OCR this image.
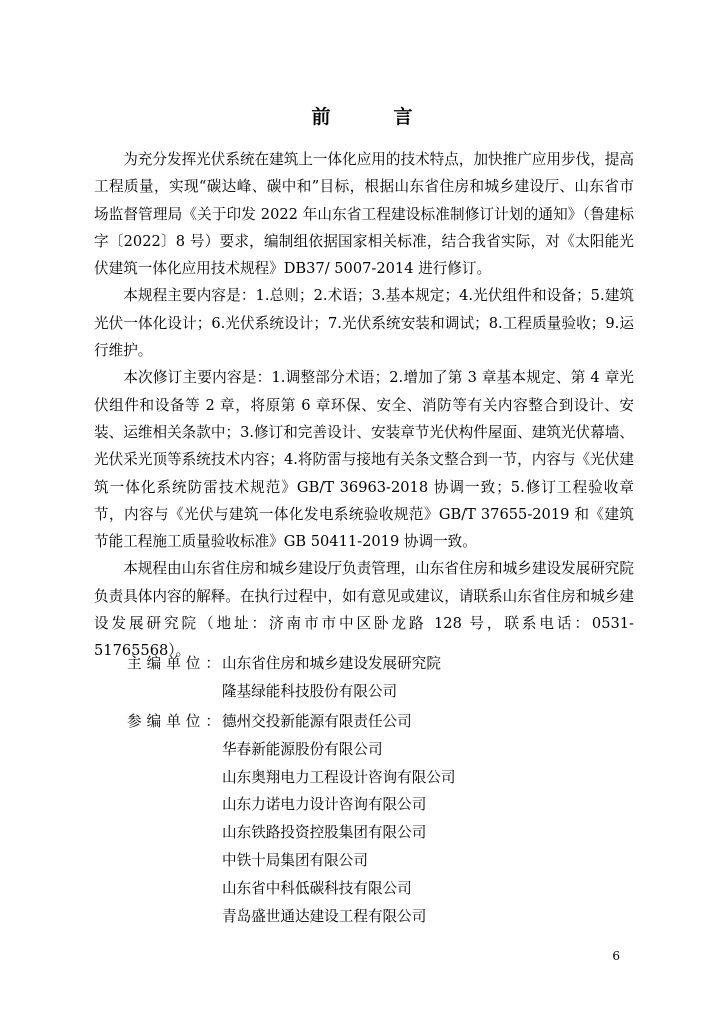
前　言

为充分发挥光伏系统在建筑上一体化应用的技术特点，加快推广应用步伐，提高工程质量，实现“碳达峰、碳中和”目标，根据山东省住房和城乡建设厅、山东省市场监督管理局《关于印发 2022 年山东省工程建设标准制修订计划的通知》（鲁建标字〔2022〕8 号）要求，编制组依据国家相关标准，结合我省实际，对《太阳能光伏建筑一体化应用技术规程》DB37/ 5007-2014 进行修订。

本规程主要内容是：1.总则；2.术语；3.基本规定；4.光伏组件和设备；5.建筑光伏一体化设计；6.光伏系统设计；7.光伏系统安装和调试；8.工程质量验收；9.运行维护。

本次修订主要内容是：1.调整部分术语；2.增加了第 3 章基本规定、第 4 章光伏组件和设备等 2 章，将原第 6 章环保、安全、消防等有关内容整合到设计、安装、运维相关条款中；3.修订和完善设计、安装章节光伏构件屋面、建筑光伏幕墙、光伏采光顶等系统技术内容；4.将防雷与接地有关条文整合到一节，内容与《光伏建筑一体化系统防雷技术规范》GB/T 36963-2018 协调一致；5.修订工程验收章节，内容与《光伏与建筑一体化发电系统验收规范》GB/T 37655-2019 和《建筑节能工程施工质量验收标准》GB 50411-2019 协调一致。

本规程由山东省住房和城乡建设厅负责管理，山东省住房和城乡建设发展研究院负责具体内容的解释。在执行过程中，如有意见或建议，请联系山东省住房和城乡建设发展研究院（地址：济南市市中区卧龙路 128 号，联系电话：0531-51765568）。

主编单位：
山东省住房和城乡建设发展研究院
隆基绿能科技股份有限公司
参编单位：
德州交投新能源有限责任公司
华春新能源股份有限公司
山东奥翔电力工程设计咨询有限公司
山东力诺电力设计咨询有限公司
山东铁路投资控股集团有限公司
中铁十局集团有限公司
山东省中科低碳科技有限公司
青岛盛世通达建设工程有限公司
6
